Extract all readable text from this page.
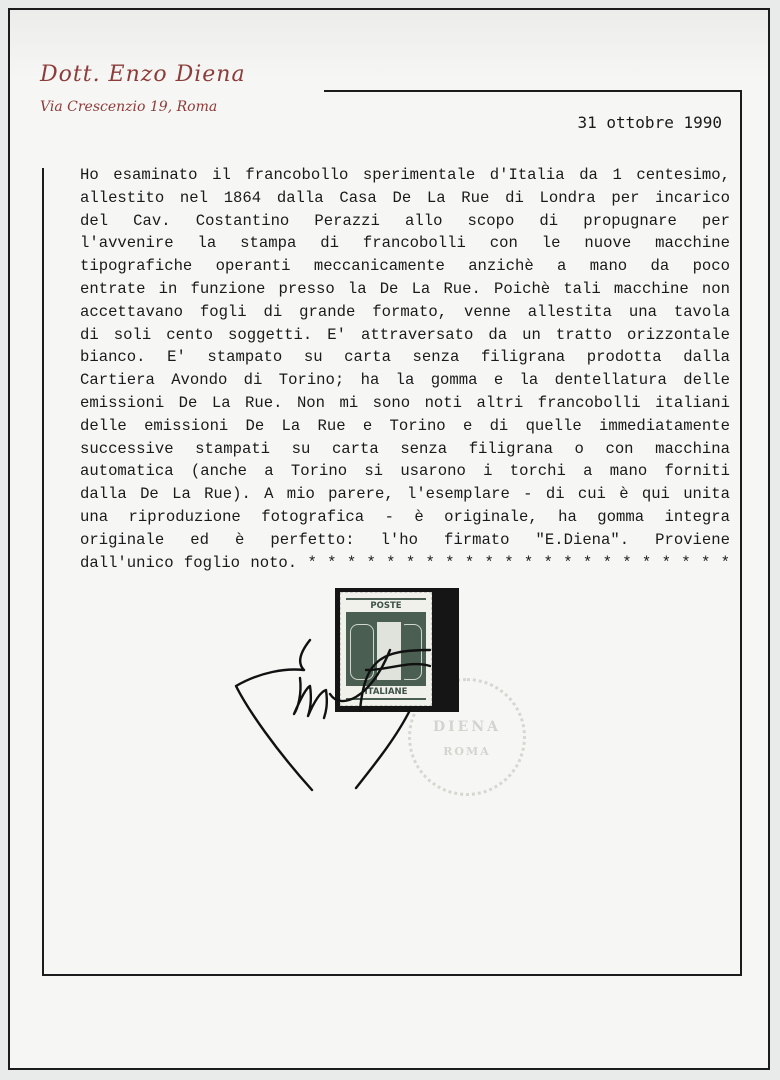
Dott. Enzo Diena
Via Crescenzio 19, Roma
31 ottobre 1990
Ho esaminato il francobollo sperimentale d'Italia da 1 centesimo,
allestito nel 1864 dalla Casa De La Rue di Londra per incarico
del Cav. Costantino Perazzi allo scopo di propugnare per
l'avvenire la stampa di francobolli con le nuove macchine
tipografiche operanti meccanicamente anzichè a mano da poco
entrate in funzione presso la De La Rue. Poichè tali macchine non
accettavano fogli di grande formato, venne allestita una tavola
di soli cento soggetti. E' attraversato da un tratto orizzontale
bianco. E' stampato su carta senza filigrana prodotta dalla
Cartiera Avondo di Torino; ha la gomma e la dentellatura delle
emissioni De La Rue. Non mi sono noti altri francobolli italiani
delle emissioni De La Rue e Torino e di quelle immediatamente
successive stampati su carta senza filigrana o con macchina
automatica (anche a Torino si usarono i torchi a mano forniti
dalla De La Rue). A mio parere, l'esemplare - di cui è qui unita
una riproduzione fotografica - è originale, ha gomma integra
originale ed è perfetto: l'ho firmato "E.Diena". Proviene
dall'unico foglio noto. * * * * * * * * * * * * * * * * * * * * * *
DIENA
ROMA
POSTE
ITALIANE
